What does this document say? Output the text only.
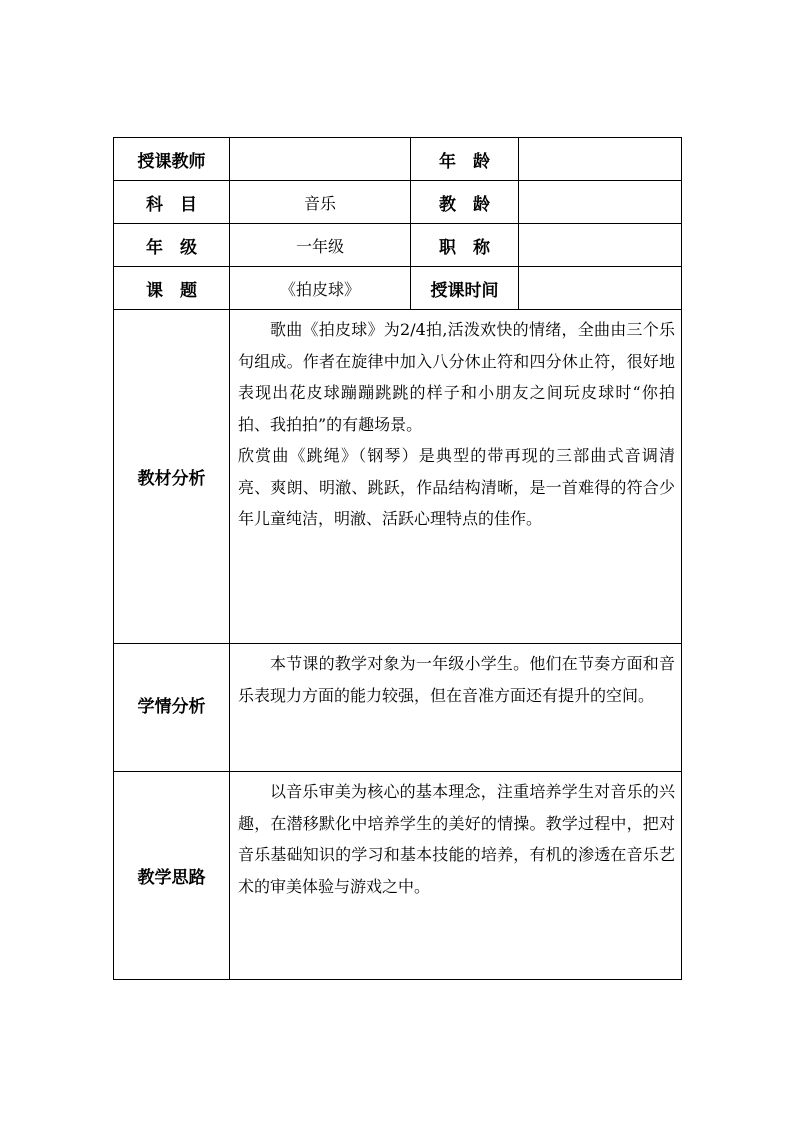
授课教师		年　龄	
科　目	音乐	教　龄	
年　级	一年级	职　称	
课　题	《拍皮球》	授课时间	
教材分析	歌曲《拍皮球》为2/4拍,活泼欢快的情绪，全曲由三个乐句组成。作者在旋律中加入八分休止符和四分休止符，很好地表现出花皮球蹦蹦跳跳的样子和小朋友之间玩皮球时“你拍拍、我拍拍”的有趣场景。

欣赏曲《跳绳》（钢琴）是典型的带再现的三部曲式音调清亮、爽朗、明澈、跳跃，作品结构清晰，是一首难得的符合少年儿童纯洁，明澈、活跃心理特点的佳作。		

学情分析	本节课的教学对象为一年级小学生。他们在节奏方面和音乐表现力方面的能力较强，但在音准方面还有提升的空间。		

教学思路	以音乐审美为核心的基本理念，注重培养学生对音乐的兴趣，在潜移默化中培养学生的美好的情操。教学过程中，把对音乐基础知识的学习和基本技能的培养，有机的渗透在音乐艺术的审美体验与游戏之中。		
